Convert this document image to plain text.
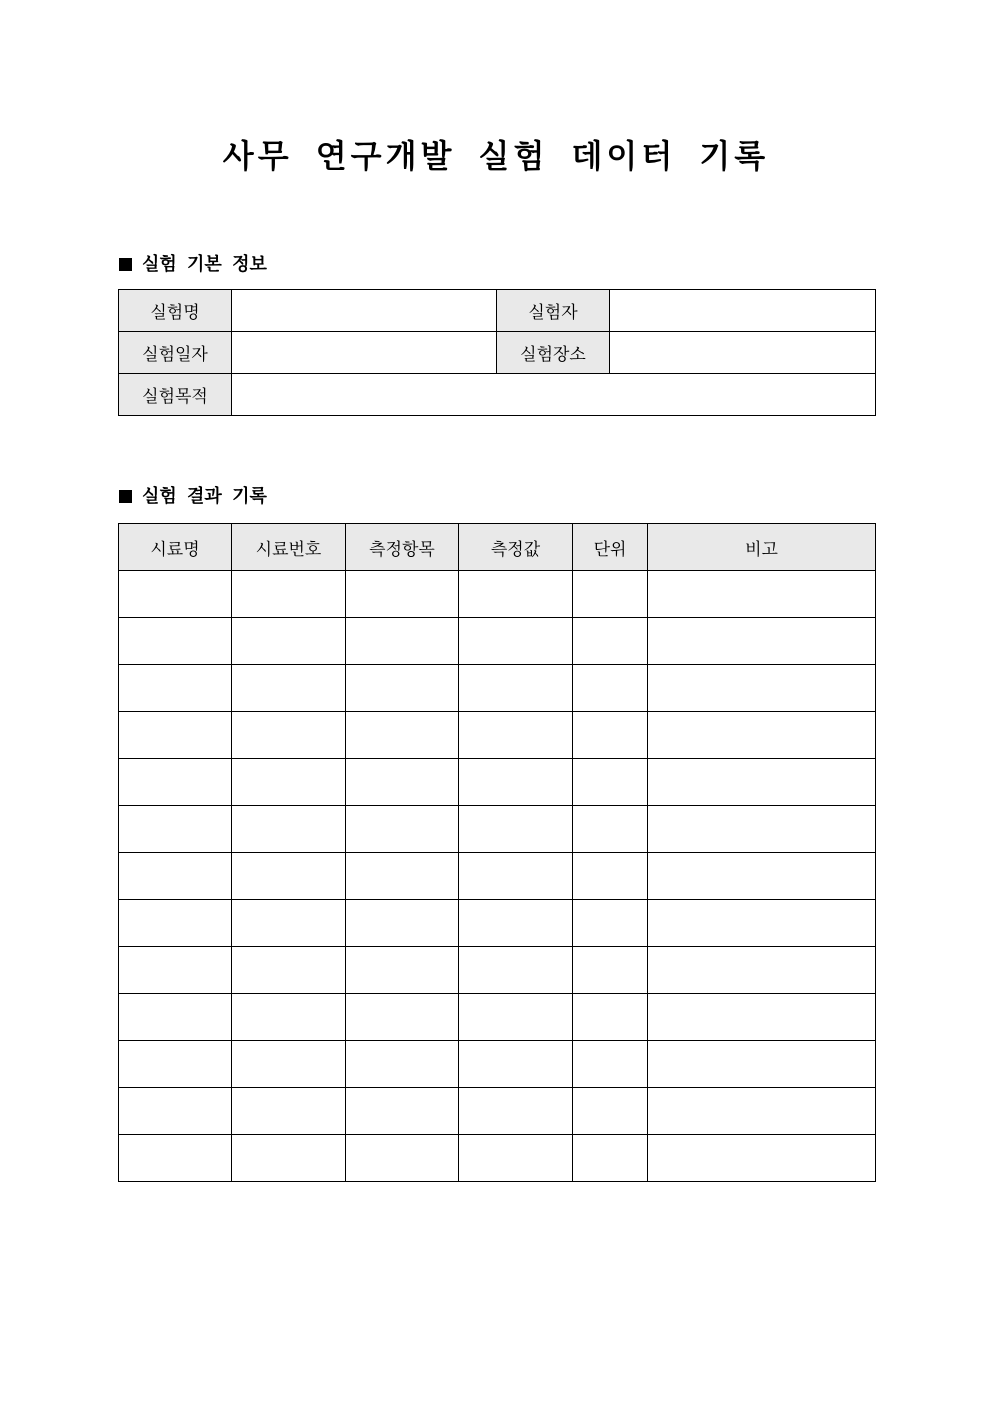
사무 연구개발 실험 데이터 기록
실험 기본 정보
실험명		실험자	
실험일자		실험장소	
실험목적			
실험 결과 기록
시료명	시료번호	측정항목	측정값	단위	비고
